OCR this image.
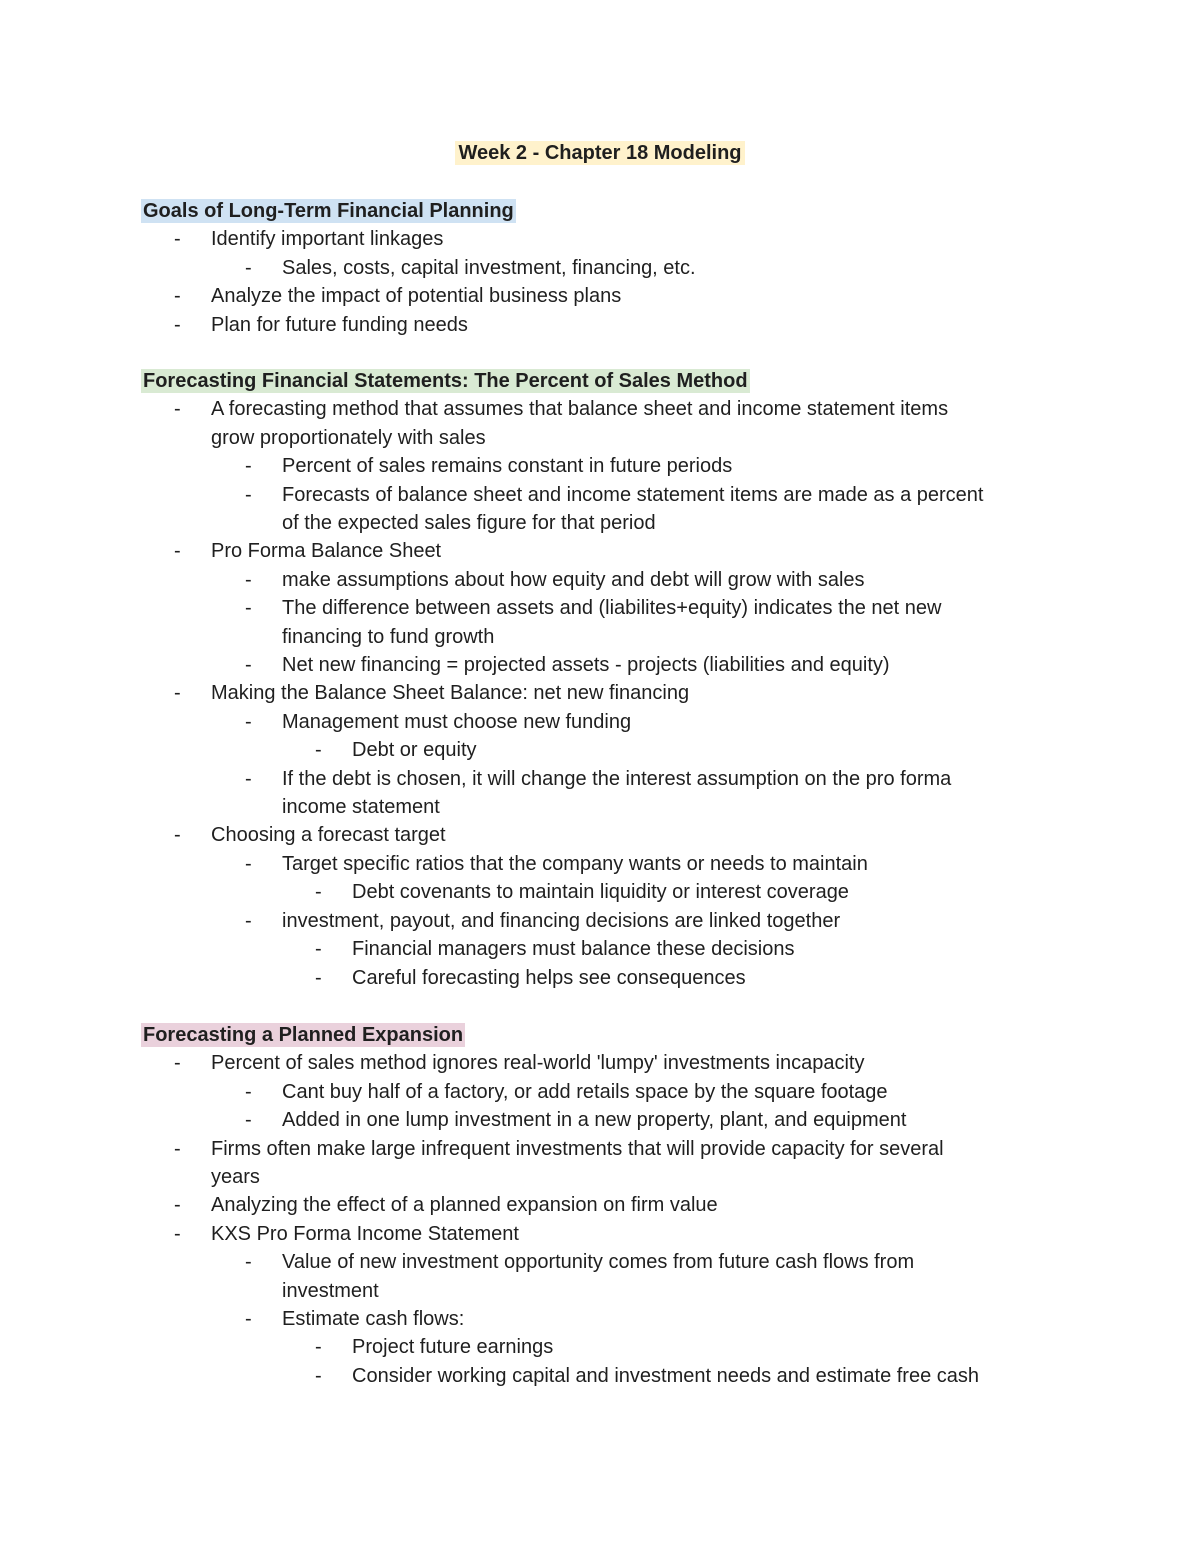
Week 2 - Chapter 18 Modeling
Goals of Long-Term Financial Planning
- Identify important linkages
- Sales, costs, capital investment, financing, etc.
- Analyze the impact of potential business plans
- Plan for future funding needs
Forecasting Financial Statements: The Percent of Sales Method
- A forecasting method that assumes that balance sheet and income statement items
grow proportionately with sales
- Percent of sales remains constant in future periods
- Forecasts of balance sheet and income statement items are made as a percent
of the expected sales figure for that period
- Pro Forma Balance Sheet
- make assumptions about how equity and debt will grow with sales
- The difference between assets and (liabilites+equity) indicates the net new
financing to fund growth
- Net new financing = projected assets - projects (liabilities and equity)
- Making the Balance Sheet Balance: net new financing
- Management must choose new funding
- Debt or equity
- If the debt is chosen, it will change the interest assumption on the pro forma
income statement
- Choosing a forecast target
- Target specific ratios that the company wants or needs to maintain
- Debt covenants to maintain liquidity or interest coverage
- investment, payout, and financing decisions are linked together
- Financial managers must balance these decisions
- Careful forecasting helps see consequences
Forecasting a Planned Expansion
- Percent of sales method ignores real-world 'lumpy' investments incapacity
- Cant buy half of a factory, or add retails space by the square footage
- Added in one lump investment in a new property, plant, and equipment
- Firms often make large infrequent investments that will provide capacity for several
years
- Analyzing the effect of a planned expansion on firm value
- KXS Pro Forma Income Statement
- Value of new investment opportunity comes from future cash flows from
investment
- Estimate cash flows:
- Project future earnings
- Consider working capital and investment needs and estimate free cash
